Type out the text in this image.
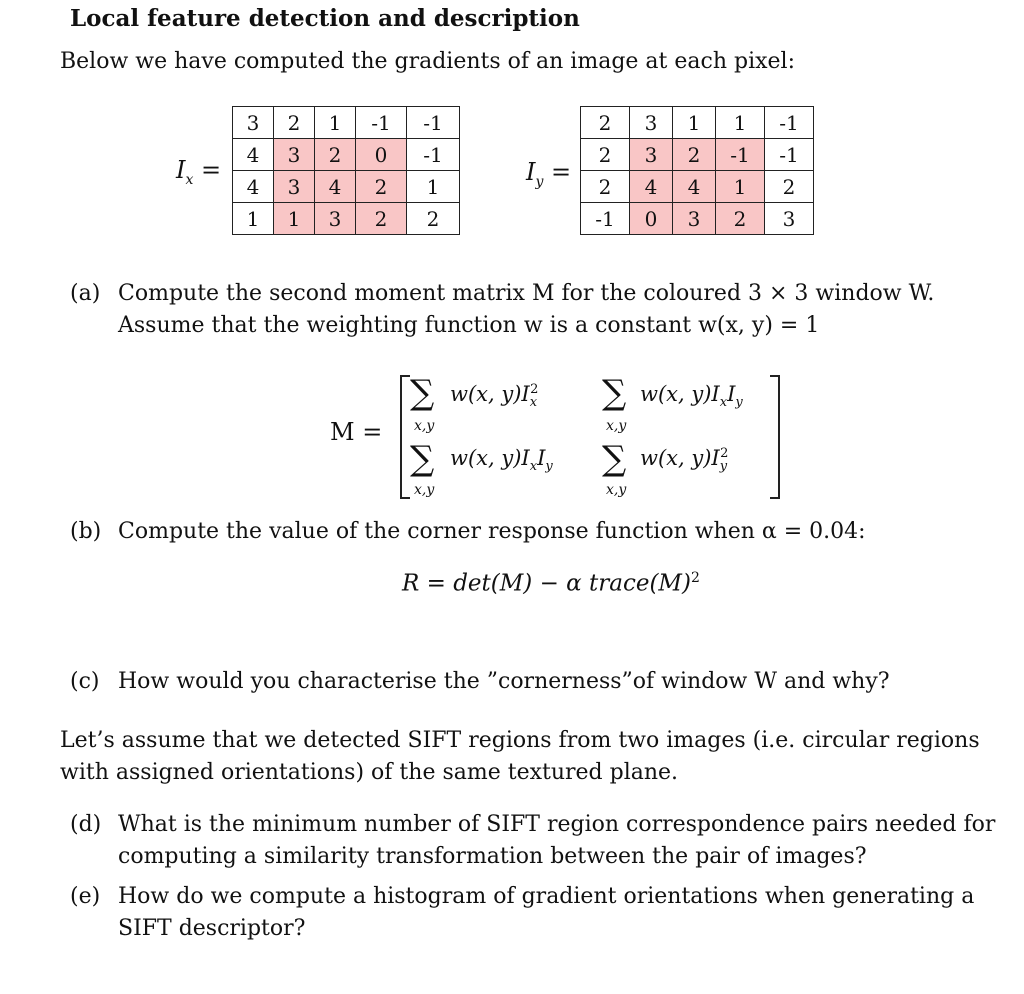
Local feature detection and description
Below we have computed the gradients of an image at each pixel:
$I_x$ =
3	2	1	-1	-1
4	3	2	0	-1
4	3	4	2	1
1	1	3	2	2
$I_y$ =
2	3	1	1	-1
2	3	2	-1	-1
2	4	4	1	2
-1	0	3	2	3
(a) Compute the second moment matrix M for the coloured 3 × 3 window W.
Assume that the weighting function w is a constant w(x, y) = 1
M =
∑
x,y
w(x, $y)I_x^2$ ∑
x,y
w(x, $y)I_xI_y$
∑
x,y
w(x, $y)I_xI_y$ ∑
x,y
w(x, $y)I_y^2$
(b) Compute the value of the corner response function when α = 0.04:
R = det(M) − α $trace(M)^2$
(c) How would you characterise the ”cornerness”of window W and why?
Let’s assume that we detected SIFT regions from two images (i.e. circular regions
with assigned orientations) of the same textured plane.
(d) What is the minimum number of SIFT region correspondence pairs needed for
computing a similarity transformation between the pair of images?
(e) How do we compute a histogram of gradient orientations when generating a
SIFT descriptor?
